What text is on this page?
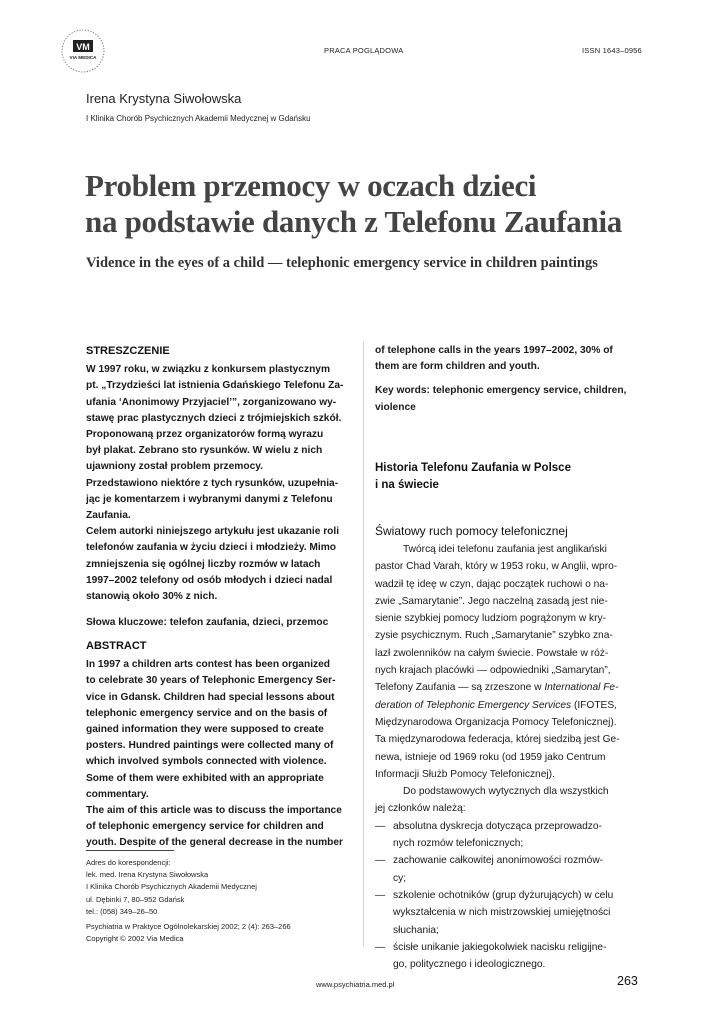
VM
VIA MEDICA
PRACA POGLĄDOWA	ISSN 1643–0956
Irena Krystyna Siwołowska
I Klinika Chorób Psychicznych Akademii Medycznej w Gdańsku
Problem przemocy w oczach dzieci
na podstawie danych z Telefonu Zaufania
Vidence in the eyes of a child — telephonic emergency service in children paintings
STRESZCZENIE
W 1997 roku, w związku z konkursem plastycznym
pt. „Trzydzieści lat istnienia Gdańskiego Telefonu Za-
ufania ‘Anonimowy Przyjaciel’”, zorganizowano wy-
stawę prac plastycznych dzieci z trójmiejskich szkół.
Proponowaną przez organizatorów formą wyrazu
był plakat. Zebrano sto rysunków. W wielu z nich
ujawniony został problem przemocy.
Przedstawiono niektóre z tych rysunków, uzupełnia-
jąc je komentarzem i wybranymi danymi z Telefonu
Zaufania.
Celem autorki niniejszego artykułu jest ukazanie roli
telefonów zaufania w życiu dzieci i młodzieży. Mimo
zmniejszenia się ogólnej liczby rozmów w latach
1997–2002 telefony od osób młodych i dzieci nadal
stanowią około 30% z nich.
Słowa kluczowe: telefon zaufania, dzieci, przemoc
ABSTRACT
In 1997 a children arts contest has been organized
to celebrate 30 years of Telephonic Emergency Ser-
vice in Gdansk. Children had special lessons about
telephonic emergency service and on the basis of
gained information they were supposed to create
posters. Hundred paintings were collected many of
which involved symbols connected with violence.
Some of them were exhibited with an appropriate
commentary.
The aim of this article was to discuss the importance
of telephonic emergency service for children and
youth. Despite of the general decrease in the number
Adres do korespondencji:
lek. med. Irena Krystyna Siwołowska
I Klinika Chorób Psychicznych Akademii Medycznej
ul. Dębinki 7, 80–952 Gdańsk
tel.: (058) 349–26–50
Psychiatria w Praktyce Ogólnolekarskiej 2002; 2 (4): 263–266
Copyright © 2002 Via Medica
of telephone calls in the years 1997–2002, 30% of
them are form children and youth.
Key words: telephonic emergency service, children,
violence
Historia Telefonu Zaufania w Polsce
i na świecie
Światowy ruch pomocy telefonicznej
Twórcą idei telefonu zaufania jest anglikański
pastor Chad Varah, który w 1953 roku, w Anglii, wpro-
wadził tę ideę w czyn, dając początek ruchowi o na-
zwie „Samarytanie”. Jego naczelną zasadą jest nie-
sienie szybkiej pomocy ludziom pogrążonym w kry-
zysie psychicznym. Ruch „Samarytanie” szybko zna-
lazł zwolenników na całym świecie. Powstałe w róż-
nych krajach placówki — odpowiedniki „Samarytan”,
Telefony Zaufania — są zrzeszone w International Fe-
deration of Telephonic Emergency Services (IFOTES,
Międzynarodowa Organizacja Pomocy Telefonicznej).
Ta międzynarodowa federacja, której siedzibą jest Ge-
newa, istnieje od 1969 roku (od 1959 jako Centrum
Informacji Służb Pomocy Telefonicznej).
Do podstawowych wytycznych dla wszystkich
jej członków należą:
— absolutna dyskrecja dotycząca przeprowadzo-
nych rozmów telefonicznych;
— zachowanie całkowitej anonimowości rozmów-
cy;
— szkolenie ochotników (grup dyżurujących) w celu
wykształcenia w nich mistrzowskiej umiejętności
słuchania;
— ścisłe unikanie jakiegokolwiek nacisku religijne-
go, politycznego i ideologicznego.
www.psychiatria.med.pl	263
